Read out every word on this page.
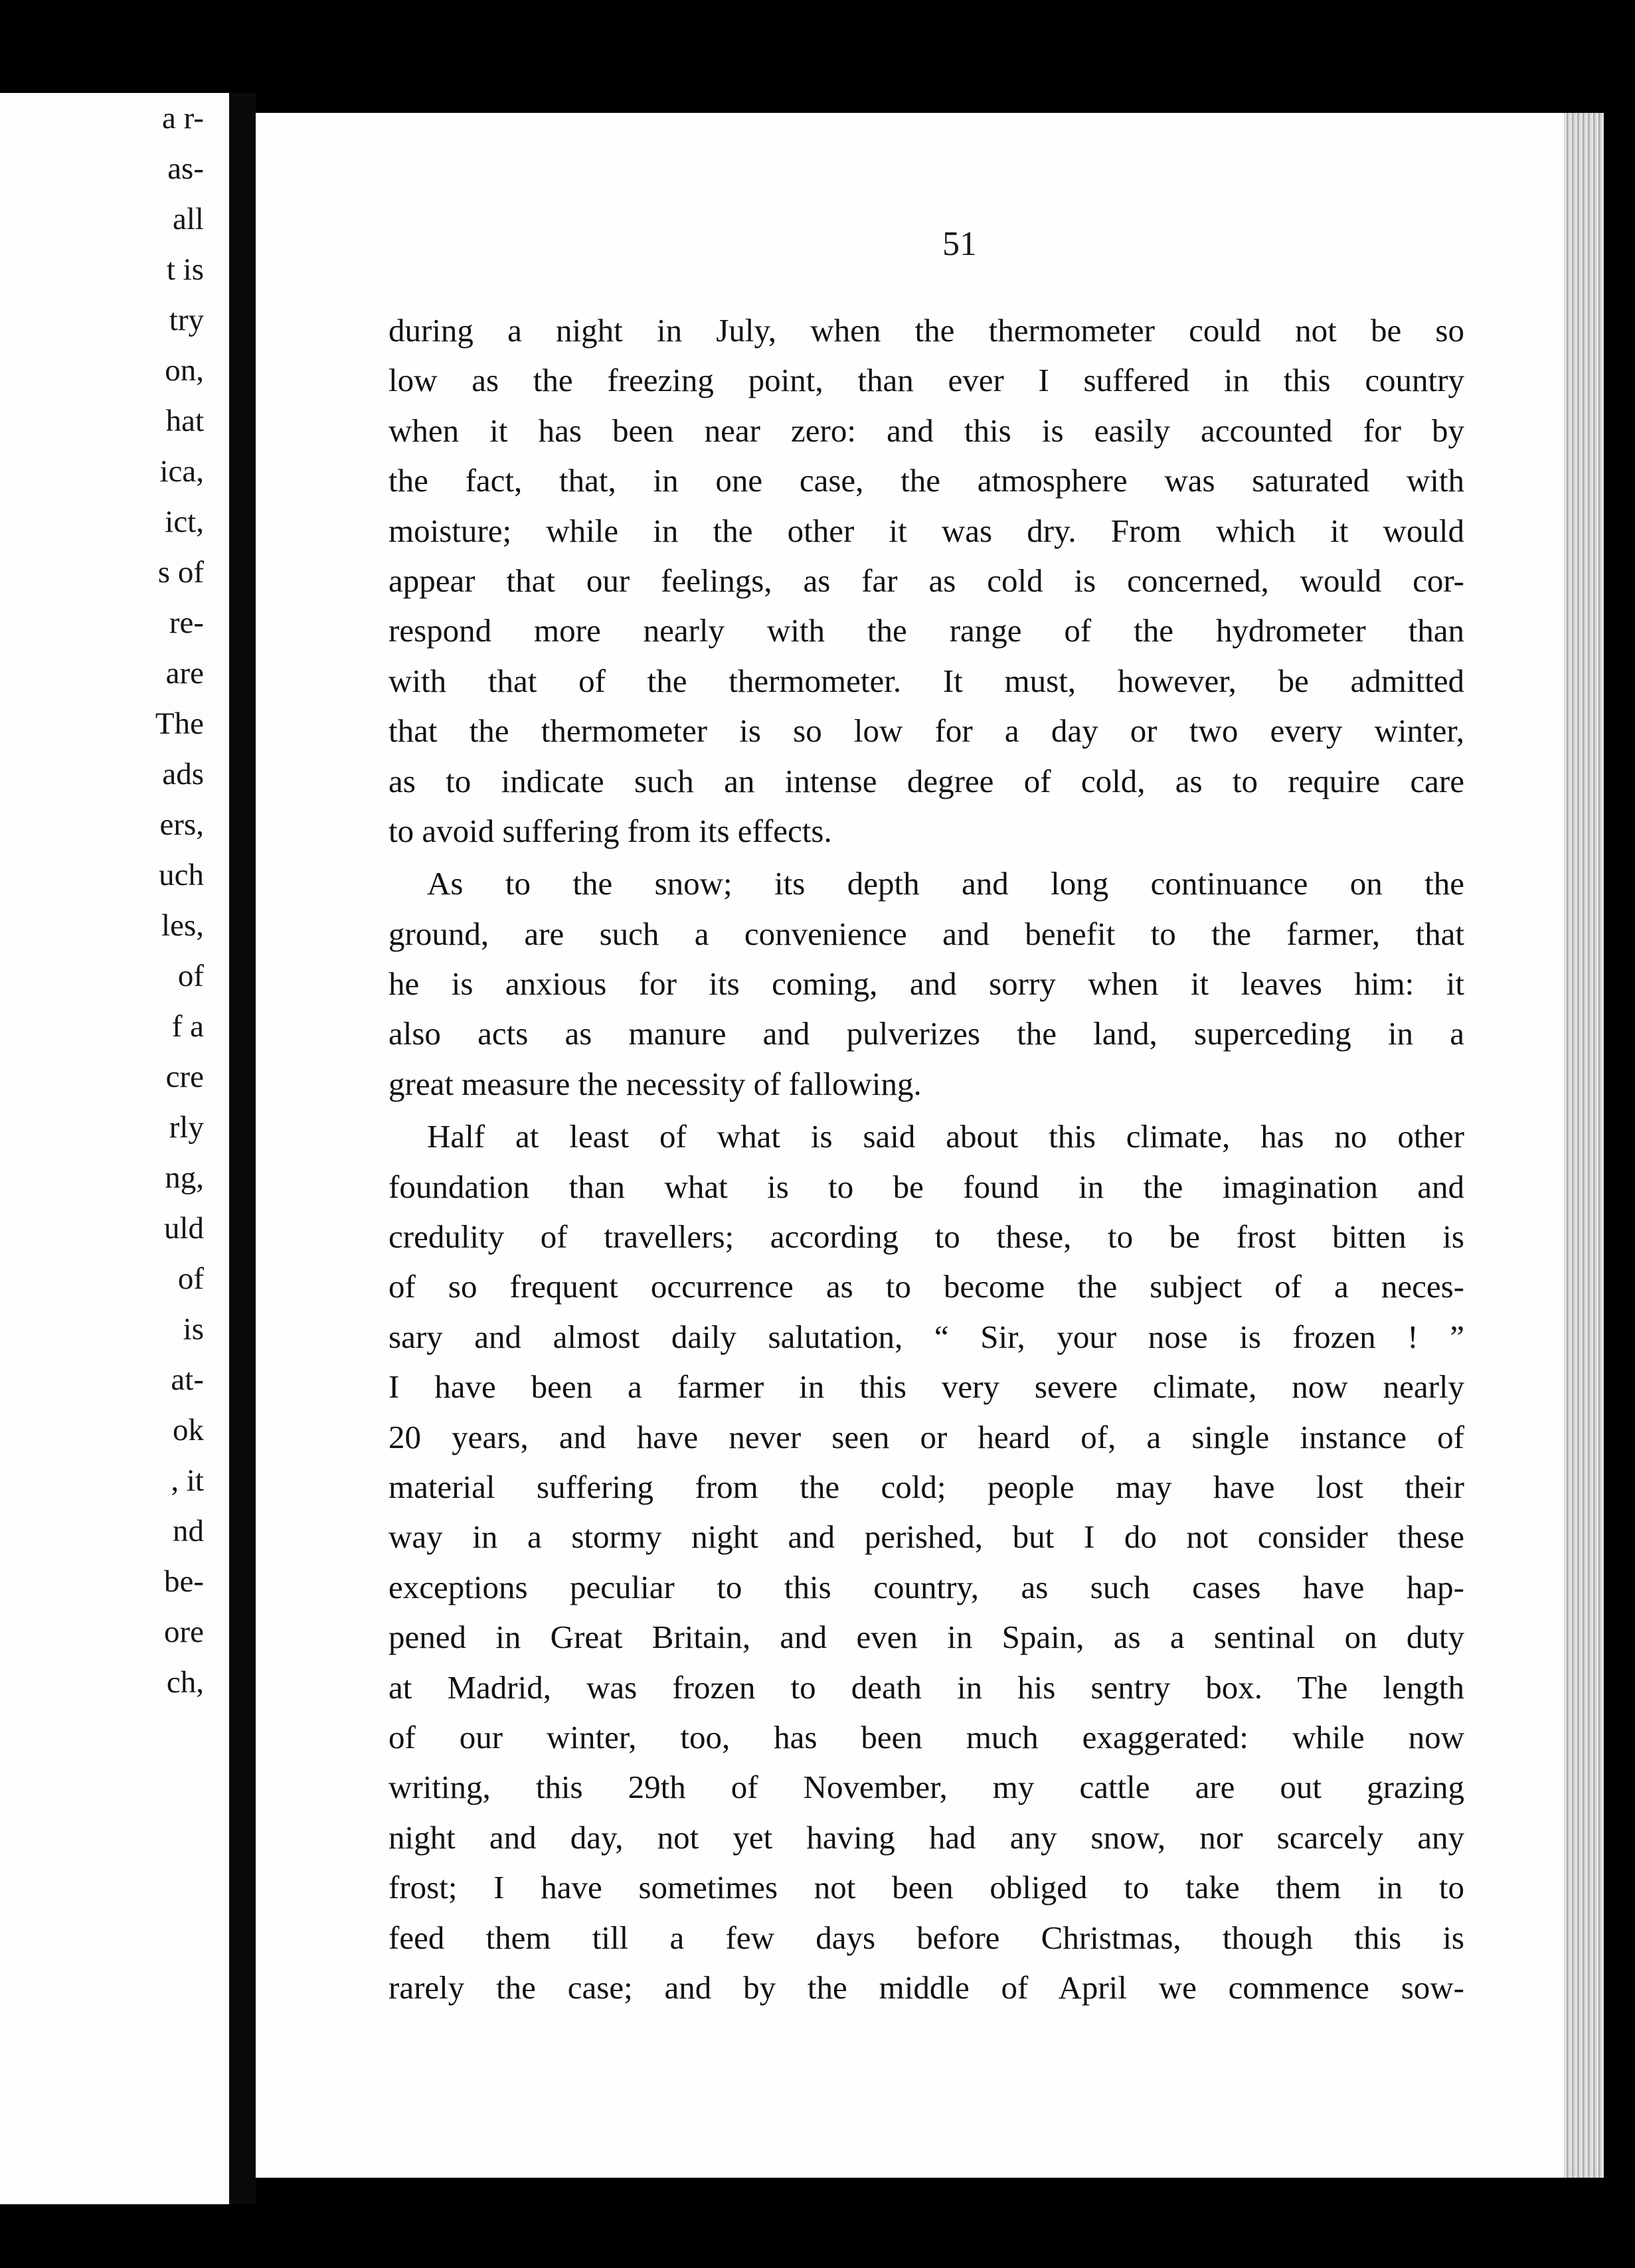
a r-
as-
all
t is
try
on,
hat
ica,
ict,
s of
re-
are
The
ads
ers,
uch
les,
of
f a
cre
rly
ng,
uld
of
is
at-
ok
, it
nd
be-
ore
ch,
51
during a night in July, when the thermometer could not be so
low as the freezing point, than ever I suffered in this country
when it has been near zero: and this is easily accounted for by
the fact, that, in one case, the atmosphere was saturated with
moisture; while in the other it was dry. From which it would
appear that our feelings, as far as cold is concerned, would cor-
respond more nearly with the range of the hydrometer than
with that of the thermometer. It must, however, be admitted
that the thermometer is so low for a day or two every winter,
as to indicate such an intense degree of cold, as to require care
to avoid suffering from its effects.
As to the snow; its depth and long continuance on the
ground, are such a convenience and benefit to the farmer, that
he is anxious for its coming, and sorry when it leaves him: it
also acts as manure and pulverizes the land, superceding in a
great measure the necessity of fallowing.
Half at least of what is said about this climate, has no other
foundation than what is to be found in the imagination and
credulity of travellers; according to these, to be frost bitten is
of so frequent occurrence as to become the subject of a neces-
sary and almost daily salutation, “ Sir, your nose is frozen ! ”
I have been a farmer in this very severe climate, now nearly
20 years, and have never seen or heard of, a single instance of
material suffering from the cold; people may have lost their
way in a stormy night and perished, but I do not consider these
exceptions peculiar to this country, as such cases have hap-
pened in Great Britain, and even in Spain, as a sentinal on duty
at Madrid, was frozen to death in his sentry box. The length
of our winter, too, has been much exaggerated: while now
writing, this 29th of November, my cattle are out grazing
night and day, not yet having had any snow, nor scarcely any
frost; I have sometimes not been obliged to take them in to
feed them till a few days before Christmas, though this is
rarely the case; and by the middle of April we commence sow-
